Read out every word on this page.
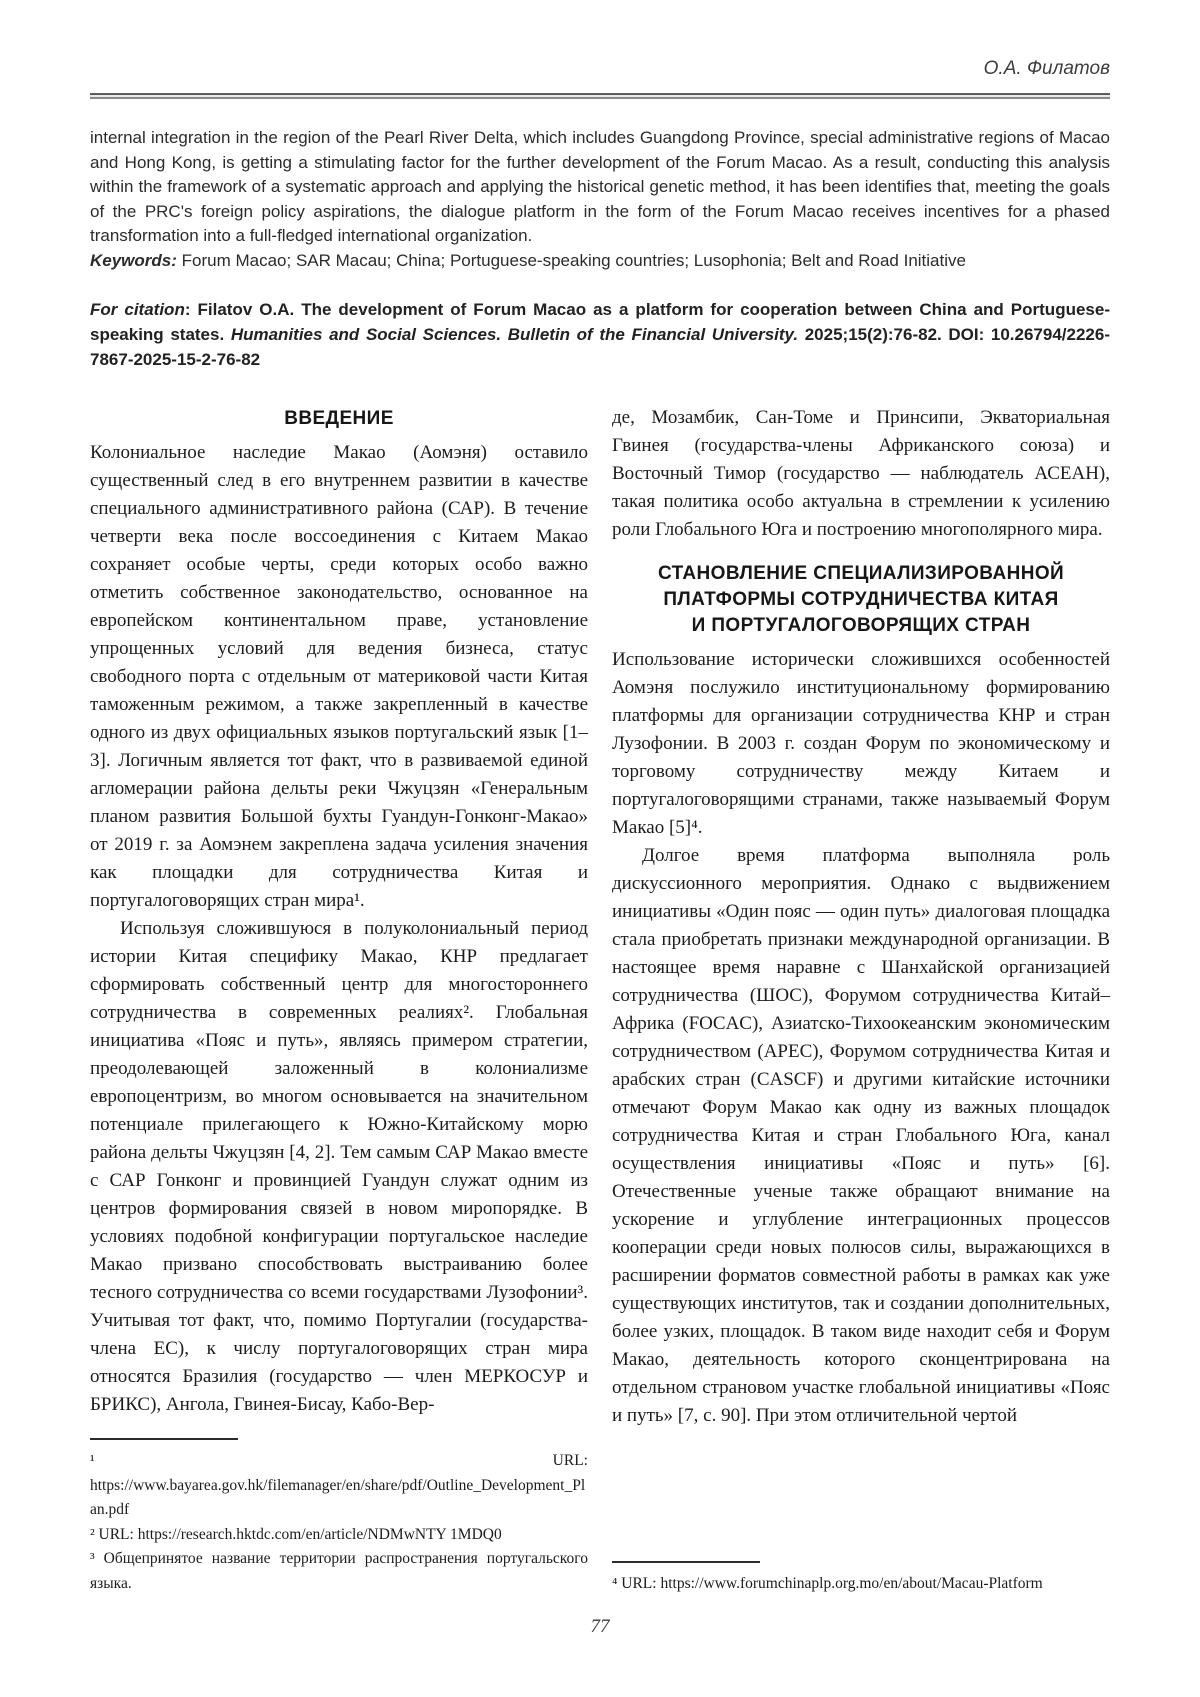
О.А. Филатов
internal integration in the region of the Pearl River Delta, which includes Guangdong Province, special administrative regions of Macao and Hong Kong, is getting a stimulating factor for the further development of the Forum Macao. As a result, conducting this analysis within the framework of a systematic approach and applying the historical genetic method, it has been identifies that, meeting the goals of the PRC's foreign policy aspirations, the dialogue platform in the form of the Forum Macao receives incentives for a phased transformation into a full-fledged international organization.
Keywords: Forum Macao; SAR Macau; China; Portuguese-speaking countries; Lusophonia; Belt and Road Initiative
For citation: Filatov O.A. The development of Forum Macao as a platform for cooperation between China and Portuguese-speaking states. Humanities and Social Sciences. Bulletin of the Financial University. 2025;15(2):76-82. DOI: 10.26794/2226-7867-2025-15-2-76-82
ВВЕДЕНИЕ

Колониальное наследие Макао (Аомэня) оставило существенный след в его внутреннем развитии в качестве специального административного района (САР). В течение четверти века после воссоединения с Китаем Макао сохраняет особые черты, среди которых особо важно отметить собственное законодательство, основанное на европейском континентальном праве, установление упрощенных условий для ведения бизнеса, статус свободного порта с отдельным от материковой части Китая таможенным режимом, а также закрепленный в качестве одного из двух официальных языков португальский язык [1–3]. Логичным является тот факт, что в развиваемой единой агломерации района дельты реки Чжуцзян «Генеральным планом развития Большой бухты Гуандун-Гонконг-Макао» от 2019 г. за Аомэнем закреплена задача усиления значения как площадки для сотрудничества Китая и португалоговорящих стран мира¹.

Используя сложившуюся в полуколониальный период истории Китая специфику Макао, КНР предлагает сформировать собственный центр для многостороннего сотрудничества в современных реалиях². Глобальная инициатива «Пояс и путь», являясь примером стратегии, преодолевающей заложенный в колониализме европоцентризм, во многом основывается на значительном потенциале прилегающего к Южно-Китайскому морю района дельты Чжуцзян [4, 2]. Тем самым САР Макао вместе с САР Гонконг и провинцией Гуандун служат одним из центров формирования связей в новом миропорядке. В условиях подобной конфигурации португальское наследие Макао призвано способствовать выстраиванию более тесного сотрудничества со всеми государствами Лузофонии³. Учитывая тот факт, что, помимо Португалии (государства-члена ЕС), к числу португалоговорящих стран мира относятся Бразилия (государство — член МЕРКОСУР и БРИКС), Ангола, Гвинея-Бисау, Кабо-Вер-

¹ URL: https://www.bayarea.gov.hk/filemanager/en/share/pdf/Outline_Development_Plan.pdf

² URL: https://research.hktdc.com/en/article/NDMwNTY 1MDQ0

³ Общепринятое название территории распространения португальского языка.

де, Мозамбик, Сан-Томе и Принсипи, Экваториальная Гвинея (государства-члены Африканского союза) и Восточный Тимор (государство — наблюдатель АСЕАН), такая политика особо актуальна в стремлении к усилению роли Глобального Юга и построению многополярного мира.

СТАНОВЛЕНИЕ СПЕЦИАЛИЗИРОВАННОЙ ПЛАТФОРМЫ СОТРУДНИЧЕСТВА КИТАЯ И ПОРТУГАЛОГОВОРЯЩИХ СТРАН

Использование исторически сложившихся особенностей Аомэня послужило институциональному формированию платформы для организации сотрудничества КНР и стран Лузофонии. В 2003 г. создан Форум по экономическому и торговому сотрудничеству между Китаем и португалоговорящими странами, также называемый Форум Макао [5]⁴.

Долгое время платформа выполняла роль дискуссионного мероприятия. Однако с выдвижением инициативы «Один пояс — один путь» диалоговая площадка стала приобретать признаки международной организации. В настоящее время наравне с Шанхайской организацией сотрудничества (ШОС), Форумом сотрудничества Китай–Африка (FOCAC), Азиатско-Тихоокеанским экономическим сотрудничеством (APEC), Форумом сотрудничества Китая и арабских стран (CASCF) и другими китайские источники отмечают Форум Макао как одну из важных площадок сотрудничества Китая и стран Глобального Юга, канал осуществления инициативы «Пояс и путь» [6]. Отечественные ученые также обращают внимание на ускорение и углубление интеграционных процессов кооперации среди новых полюсов силы, выражающихся в расширении форматов совместной работы в рамках как уже существующих институтов, так и создании дополнительных, более узких, площадок. В таком виде находит себя и Форум Макао, деятельность которого сконцентрирована на отдельном страновом участке глобальной инициативы «Пояс и путь» [7, с. 90]. При этом отличительной чертой

⁴ URL: https://www.forumchinaplp.org.mo/en/about/Macau-Platform

77
